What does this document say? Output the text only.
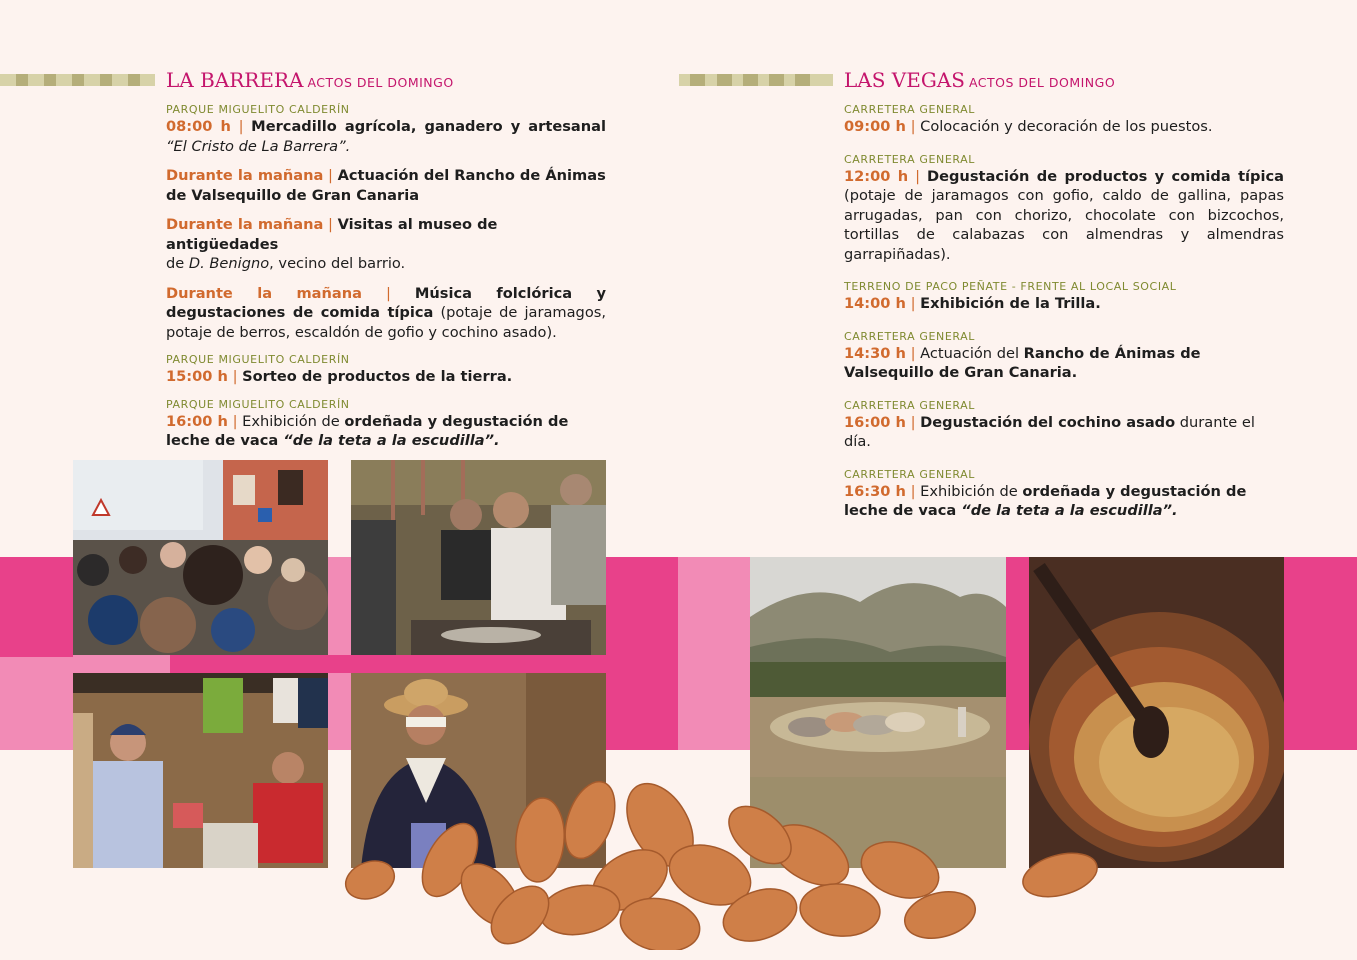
LA BARRERA ACTOS DEL DOMINGO	LAS VEGAS ACTOS DEL DOMINGO
PARQUE MIGUELITO CALDERÍN
08:00 h | Mercadillo agrícola, ganadero y artesanal “El Cristo de La Barrera”.
Durante la mañana | Actuación del Rancho de Ánimas de Valsequillo de Gran Canaria
Durante la mañana | Visitas al museo de antigüedades
de D. Benigno, vecino del barrio.
Durante la mañana | Música folclórica y degustaciones de comida típica (potaje de jaramagos, potaje de berros, escaldón de gofio y cochino asado).
PARQUE MIGUELITO CALDERÍN
15:00 h | Sorteo de productos de la tierra.
PARQUE MIGUELITO CALDERÍN
16:00 h | Exhibición de ordeñada y degustación de leche de vaca “de la teta a la escudilla”.
CARRETERA GENERAL
09:00 h | Colocación y decoración de los puestos.
CARRETERA GENERAL
12:00 h | Degustación de productos y comida típica (potaje de jaramagos con gofio, caldo de gallina, papas arrugadas, pan con chorizo, chocolate con bizcochos, tortillas de calabazas con almendras y almendras garrapiñadas).
TERRENO DE PACO PEÑATE - FRENTE AL LOCAL SOCIAL
14:00 h | Exhibición de la Trilla.
CARRETERA GENERAL
14:30 h | Actuación del Rancho de Ánimas de Valsequillo de Gran Canaria.
CARRETERA GENERAL
16:00 h | Degustación del cochino asado durante el día.
CARRETERA GENERAL
16:30 h | Exhibición de ordeñada y degustación de leche de vaca “de la teta a la escudilla”.
